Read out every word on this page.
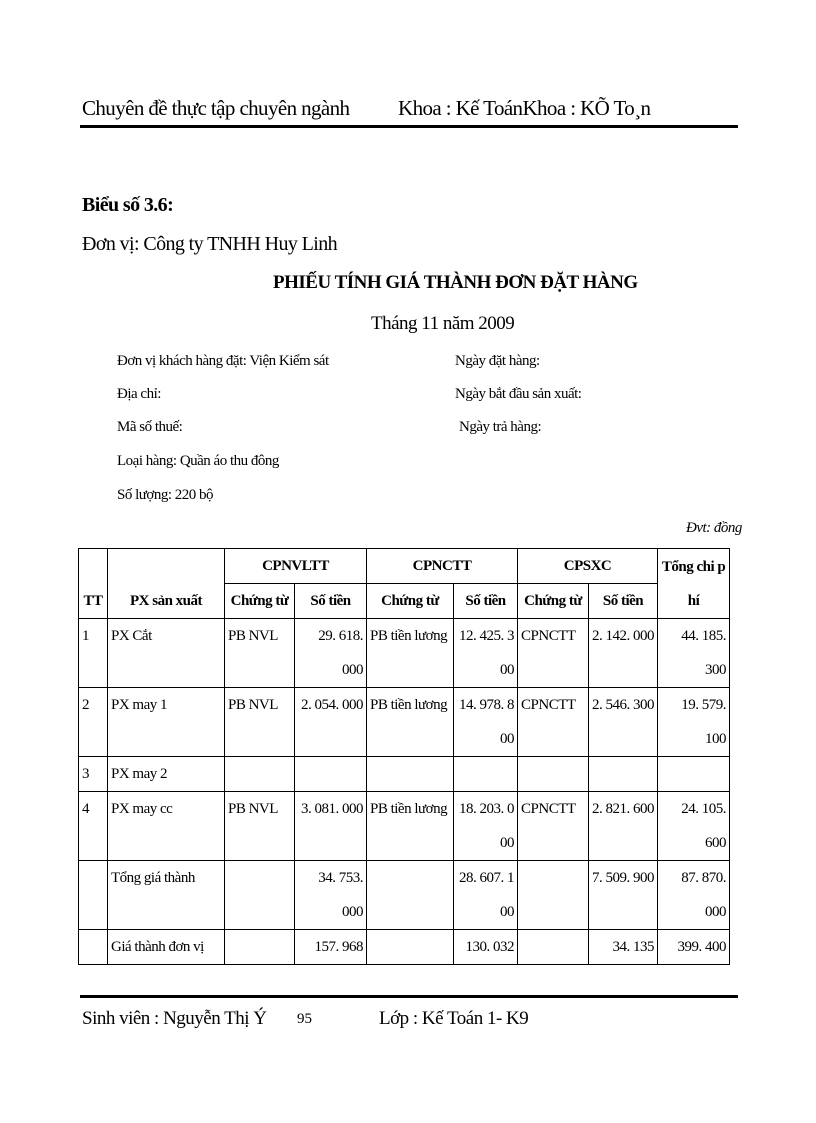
Chuyên đề thực tập chuyên ngành Khoa : Kế ToánKhoa : KÕ To¸n
Biểu số 3.6:
Đơn vị: Công ty TNHH Huy Linh
PHIẾU TÍNH GIÁ THÀNH ĐƠN ĐẶT HÀNG
Tháng 11 năm 2009
Đơn vị khách hàng đặt: Viện Kiểm sát	Ngày đặt hàng:
Địa chỉ:	Ngày bắt đầu sản xuất:
Mã số thuế:	Ngày trả hàng:
Loại hàng: Quần áo thu đông
Số lượng: 220 bộ
Đvt: đồng
TT	PX sản xuất	CPNVLTT		CPNCTT		CPSXC		Tổng chi phí
		Chứng từ	Số tiền	Chứng từ	Số tiền	Chứng từ	Số tiền	
1	PX Cắt	PB NVL	29. 618. 000	PB tiền lương	12. 425. 300	CPNCTT	2. 142. 000	44. 185. 300
2	PX may 1	PB NVL	2. 054. 000	PB tiền lương	14. 978. 800	CPNCTT	2. 546. 300	19. 579. 100
3	PX may 2							
4	PX may cc	PB NVL	3. 081. 000	PB tiền lương	18. 203. 000	CPNCTT	2. 821. 600	24. 105. 600
	Tổng giá thành		34. 753. 000		28. 607. 100		7. 509. 900	87. 870. 000
	Giá thành đơn vị		157. 968		130. 032		34. 135	399. 400
Sinh viên : Nguyễn Thị Ý 95	Lớp : Kế Toán 1- K9
